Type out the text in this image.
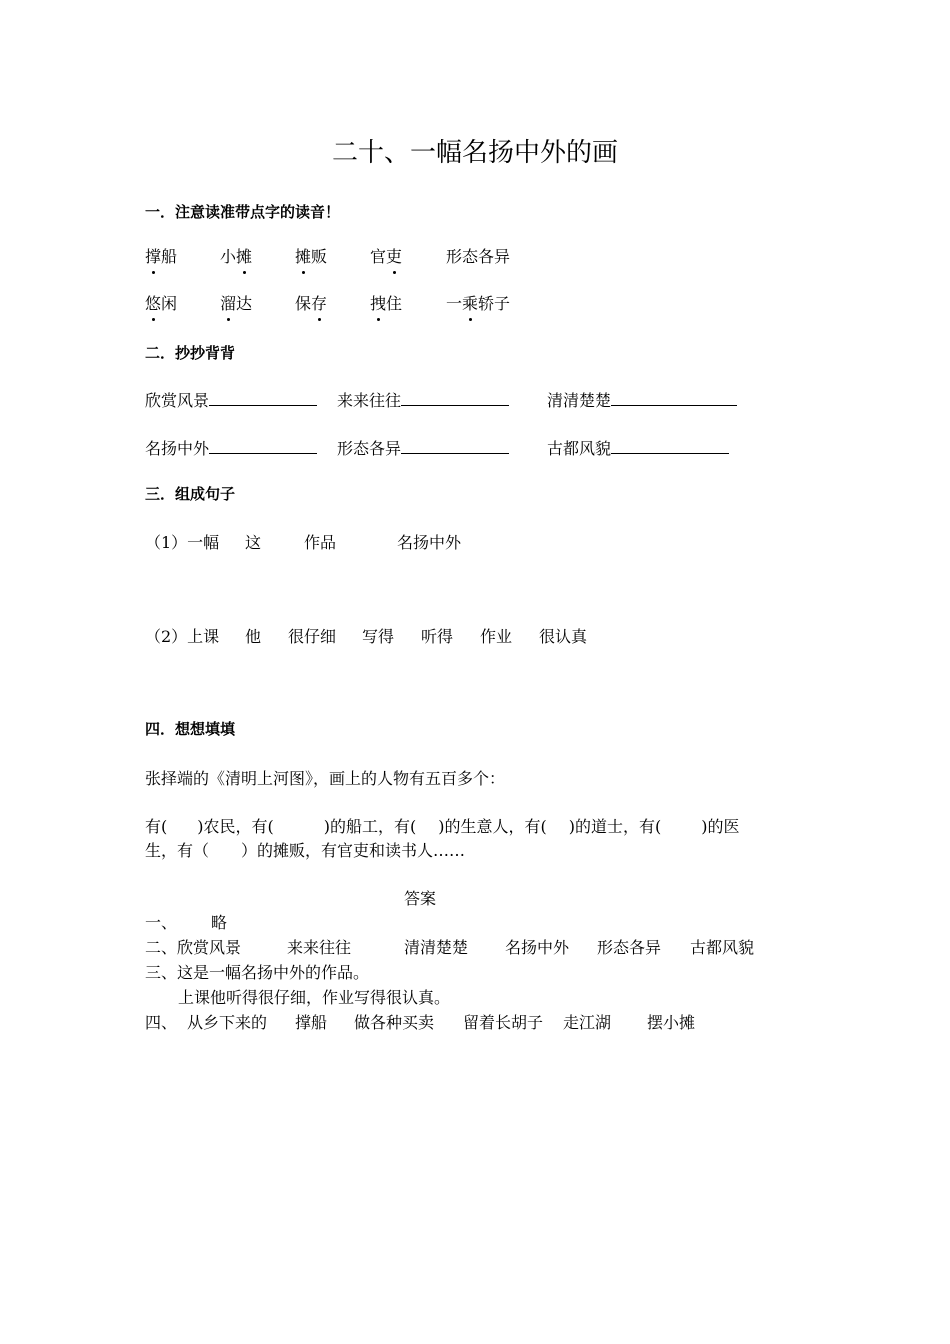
二十、一幅名扬中外的画
一．注意读准带点字的读音！
撑船	小摊	摊贩	官吏	形态各异
悠闲	溜达	保存	拽住	一乘轿子
二．抄抄背背
欣赏风景	来来往往	清清楚楚
名扬中外	形态各异	古都风貌
三．组成句子
（1）一幅 这	作品	名扬中外
（2）上课 他 很仔细 写得 听得 作业 很认真
四．想想填填
张择端的《清明上河图》，画上的人物有五百多个：
有( )农民，有(	)的船工，有( )的生意人，有( )的道士，有(	)的医
生，有（　　）的摊贩，有官吏和读书人……
答案
一、 略
二、欣赏风景	来来往往	清清楚楚 名扬中外 形态各异 古都风貌
三、这是一幅名扬中外的作品。
上课他听得很仔细，作业写得很认真。
四、 从乡下来的 撑船 做各种买卖 留着长胡子 走江湖 摆小摊
